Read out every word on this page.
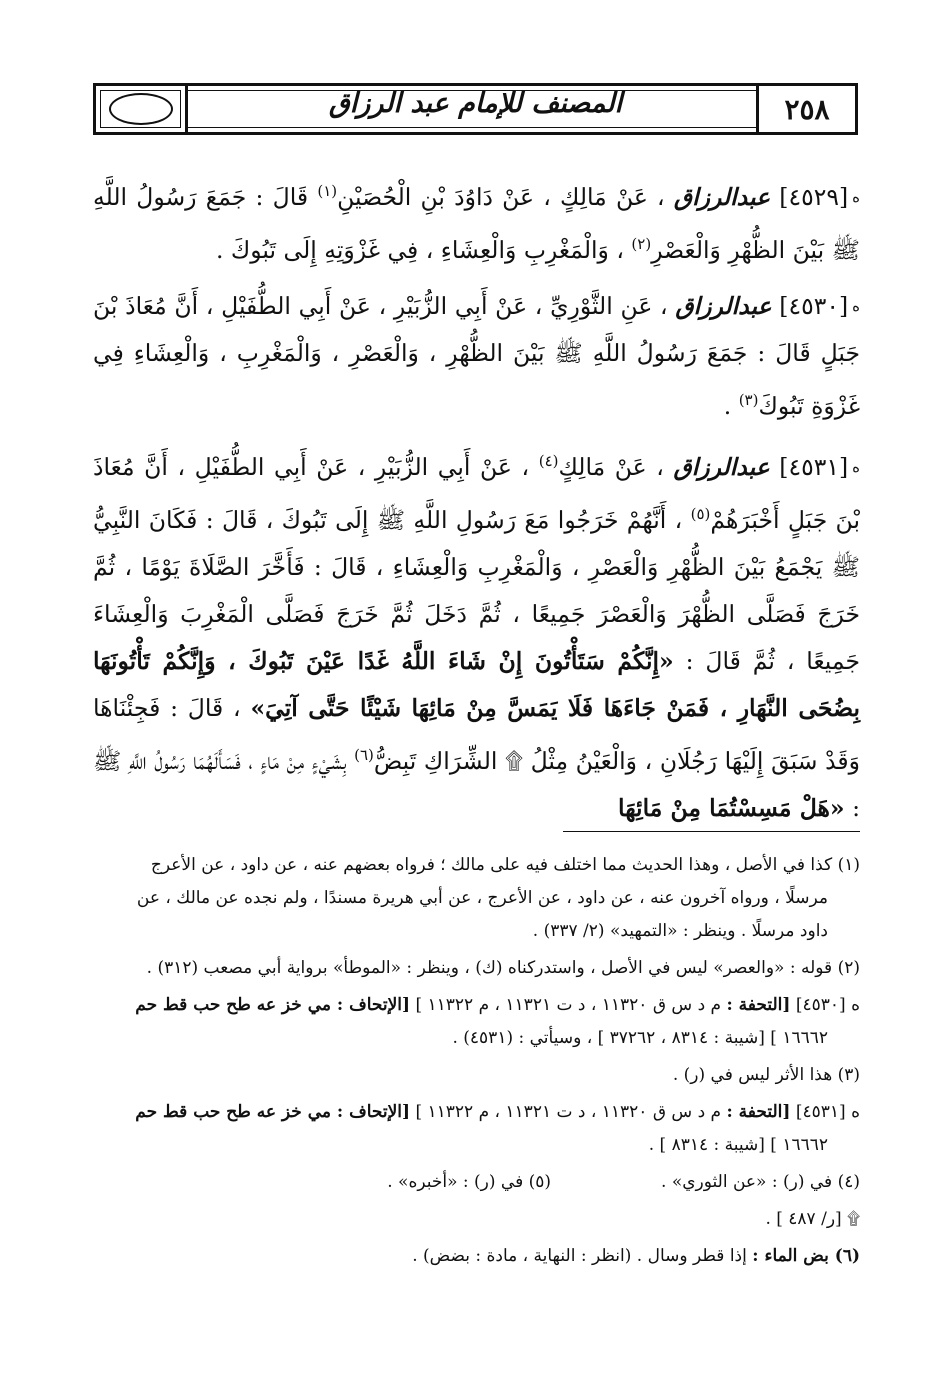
٢٥٨
المصنف للإمام عبد الرزاق

ه[٤٥٢٩] عبدالرزاق ، عَنْ مَالِكٍ ، عَنْ دَاوُدَ بْنِ الْحُصَيْنِ$^{(١)}$ قَالَ : جَمَعَ رَسُولُ اللَّهِ ﷺ بَيْنَ الظُّهْرِ وَالْعَصْرِ$^{(٢)}$ ، وَالْمَغْرِبِ وَالْعِشَاءِ ، فِي غَزْوَتِهِ إِلَى تَبُوكَ .

ه[٤٥٣٠] عبدالرزاق ، عَنِ الثَّوْرِيِّ ، عَنْ أَبِي الزُّبَيْرِ ، عَنْ أَبِي الطُّفَيْلِ ، أَنَّ مُعَاذَ بْنَ جَبَلٍ قَالَ : جَمَعَ رَسُولُ اللَّهِ ﷺ بَيْنَ الظُّهْرِ ، وَالْعَصْرِ ، وَالْمَغْرِبِ ، وَالْعِشَاءِ فِي غَزْوَةِ تَبُوكَ$^{(٣)}$ .

ه[٤٥٣١] عبدالرزاق ، عَنْ مَالِكٍ$^{(٤)}$ ، عَنْ أَبِي الزُّبَيْرِ ، عَنْ أَبِي الطُّفَيْلِ ، أَنَّ مُعَاذَ بْنَ جَبَلٍ أَخْبَرَهُمْ$^{(٥)}$ ، أَنَّهُمْ خَرَجُوا مَعَ رَسُولِ اللَّهِ ﷺ إِلَى تَبُوكَ ، قَالَ : فَكَانَ النَّبِيُّ ﷺ يَجْمَعُ بَيْنَ الظُّهْرِ وَالْعَصْرِ ، وَالْمَغْرِبِ وَالْعِشَاءِ ، قَالَ : فَأَخَّرَ الصَّلَاةَ يَوْمًا ، ثُمَّ خَرَجَ فَصَلَّى الظُّهْرَ وَالْعَصْرَ جَمِيعًا ، ثُمَّ دَخَلَ ثُمَّ خَرَجَ فَصَلَّى الْمَغْرِبَ وَالْعِشَاءَ جَمِيعًا ، ثُمَّ قَالَ : «إِنَّكُمْ سَتَأْتُونَ إِنْ شَاءَ اللَّهُ غَدًا عَيْنَ تَبُوكَ ، وَإِنَّكُمْ تَأْتُونَهَا بِضُحَى النَّهَارِ ، فَمَنْ جَاءَهَا فَلَا يَمَسَّ مِنْ مَائِهَا شَيْئًا حَتَّى آتِيَ» ، قَالَ : فَجِئْنَاهَا وَقَدْ سَبَقَ إِلَيْهَا رَجُلَانِ ، وَالْعَيْنُ مِثْلُ ۩ الشِّرَاكِ تَبِضُّ$^{(٦)}$ بِشَيْءٍ مِنْ مَاءٍ ، فَسَأَلَهُمَا رَسُولُ اللَّهِ ﷺ : «هَلْ مَسِسْتُمَا مِنْ مَائِهَا

(١) كذا في الأصل ، وهذا الحديث مما اختلف فيه على مالك ؛ فرواه بعضهم عنه ، عن داود ، عن الأعرج
مرسلًا ، ورواه آخرون عنه ، عن داود ، عن الأعرج ، عن أبي هريرة مسندًا ، ولم نجده عن مالك ، عن
داود مرسلًا . وينظر : «التمهيد» (٢/ ٣٣٧) .
(٢) قوله : «والعصر» ليس في الأصل ، واستدركناه (ك) ، وينظر : «الموطأ» برواية أبي مصعب (٣١٢) .
ه [٤٥٣٠] [التحفة : م د س ق ١١٣٢٠ ، د ت ١١٣٢١ ، م ١١٣٢٢ ] [الإتحاف : مي خز عه طح حب قط حم
١٦٦٦٢ ] [شيبة : ٨٣١٤ ، ٣٧٢٦٢ ] ، وسيأتي : (٤٥٣١) .
(٣) هذا الأثر ليس في (ر) .
ه [٤٥٣١] [التحفة : م د س ق ١١٣٢٠ ، د ت ١١٣٢١ ، م ١١٣٢٢ ] [الإتحاف : مي خز عه طح حب قط حم
١٦٦٦٢ ] [شيبة : ٨٣١٤ ] .
(٤) في (ر) : «عن الثوري» .
(٥) في (ر) : «أخبره» .
۩ [ر/ ٤٨٧ ] .
(٦) بض الماء : إذا قطر وسال . (انظر : النهاية ، مادة : بضض) .
